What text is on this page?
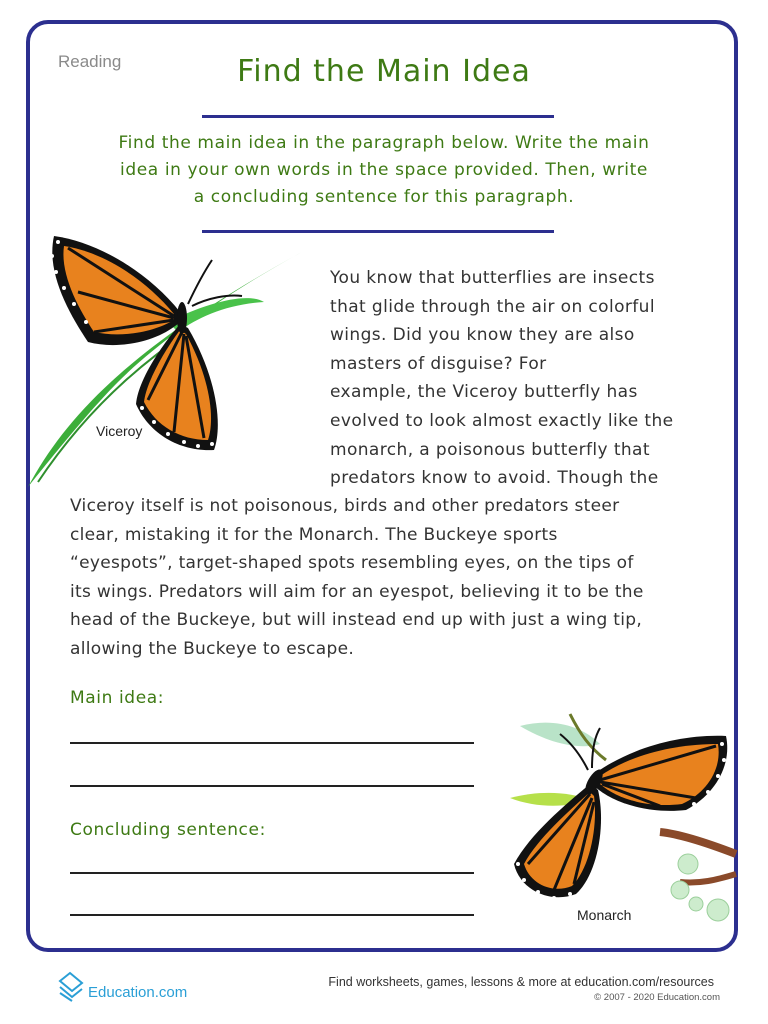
Reading	Find the Main Idea
Find the main idea in the paragraph below. Write the main
idea in your own words in the space provided. Then, write
a concluding sentence for this paragraph.
Viceroy
You know that butterflies are insects
that glide through the air on colorful
wings. Did you know they are also
masters of disguise? For
example, the Viceroy butterfly has
evolved to look almost exactly like the
monarch, a poisonous butterfly that
predators know to avoid. Though the
Viceroy itself is not poisonous, birds and other predators steer
clear, mistaking it for the Monarch. The Buckeye sports
“eyespots”, target-shaped spots resembling eyes, on the tips of
its wings. Predators will aim for an eyespot, believing it to be the
head of the Buckeye, but will instead end up with just a wing tip,
allowing the Buckeye to escape.
Main idea:
Concluding sentence:
Monarch
Education.com
Find worksheets, games, lessons & more at education.com/resources
© 2007 - 2020 Education.com
